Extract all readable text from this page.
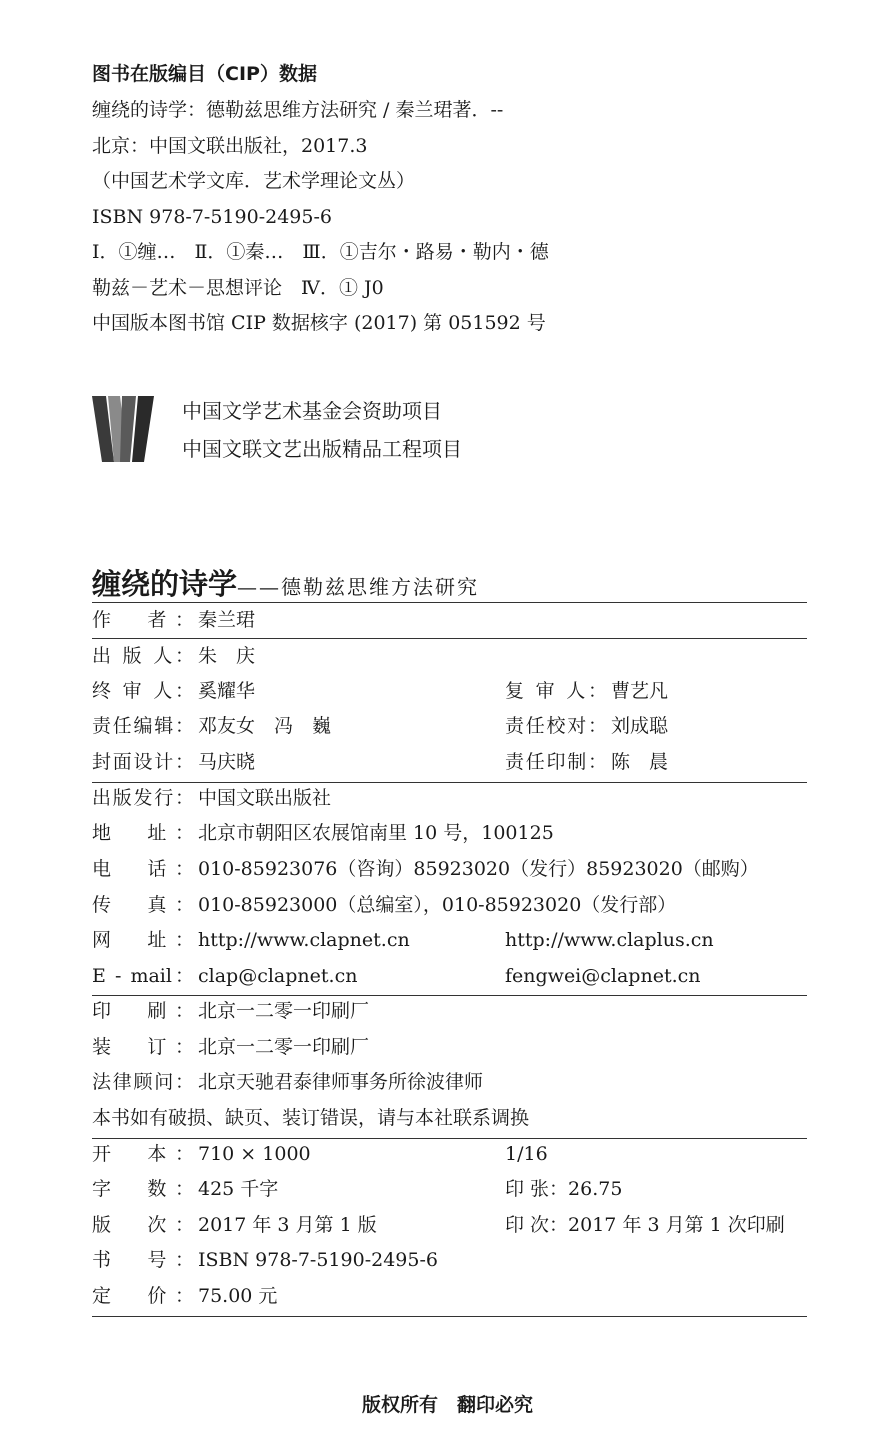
图书在版编目（CIP）数据
缠绕的诗学：德勒兹思维方法研究 / 秦兰珺著．--
北京：中国文联出版社，2017.3
（中国艺术学文库．艺术学理论文丛）
ISBN 978-7-5190-2495-6
Ⅰ．①缠…　Ⅱ．①秦…　Ⅲ．①吉尔・路易・勒内・德
勒兹－艺术－思想评论　Ⅳ．① J0
中国版本图书馆 CIP 数据核字 (2017) 第 051592 号
中国文学艺术基金会资助项目
中国文联文艺出版精品工程项目
缠绕的诗学——德勒兹思维方法研究
作　者： 秦兰珺
出 版 人： 朱　庆
终 审 人： 奚耀华	复 审 人： 曹艺凡
责任编辑： 邓友女　冯　巍	责任校对： 刘成聪
封面设计： 马庆晓	责任印制： 陈　晨
出版发行： 中国文联出版社
地　址： 北京市朝阳区农展馆南里 10 号，100125
电　话： 010-85923076（咨询）85923020（发行）85923020（邮购）
传　真： 010-85923000（总编室），010-85923020（发行部）
网　址： http://www.clapnet.cn	http://www.claplus.cn
E - mail： clap@clapnet.cn	fengwei@clapnet.cn
印　刷： 北京一二零一印刷厂
装　订： 北京一二零一印刷厂
法律顾问： 北京天驰君泰律师事务所徐波律师
本书如有破损、缺页、装订错误，请与本社联系调换
开　本： 710 × 1000	1/16
字　数： 425 千字	印 张：26.75
版　次： 2017 年 3 月第 1 版	印 次：2017 年 3 月第 1 次印刷
书　号： ISBN 978-7-5190-2495-6
定　价： 75.00 元
版权所有　翻印必究
